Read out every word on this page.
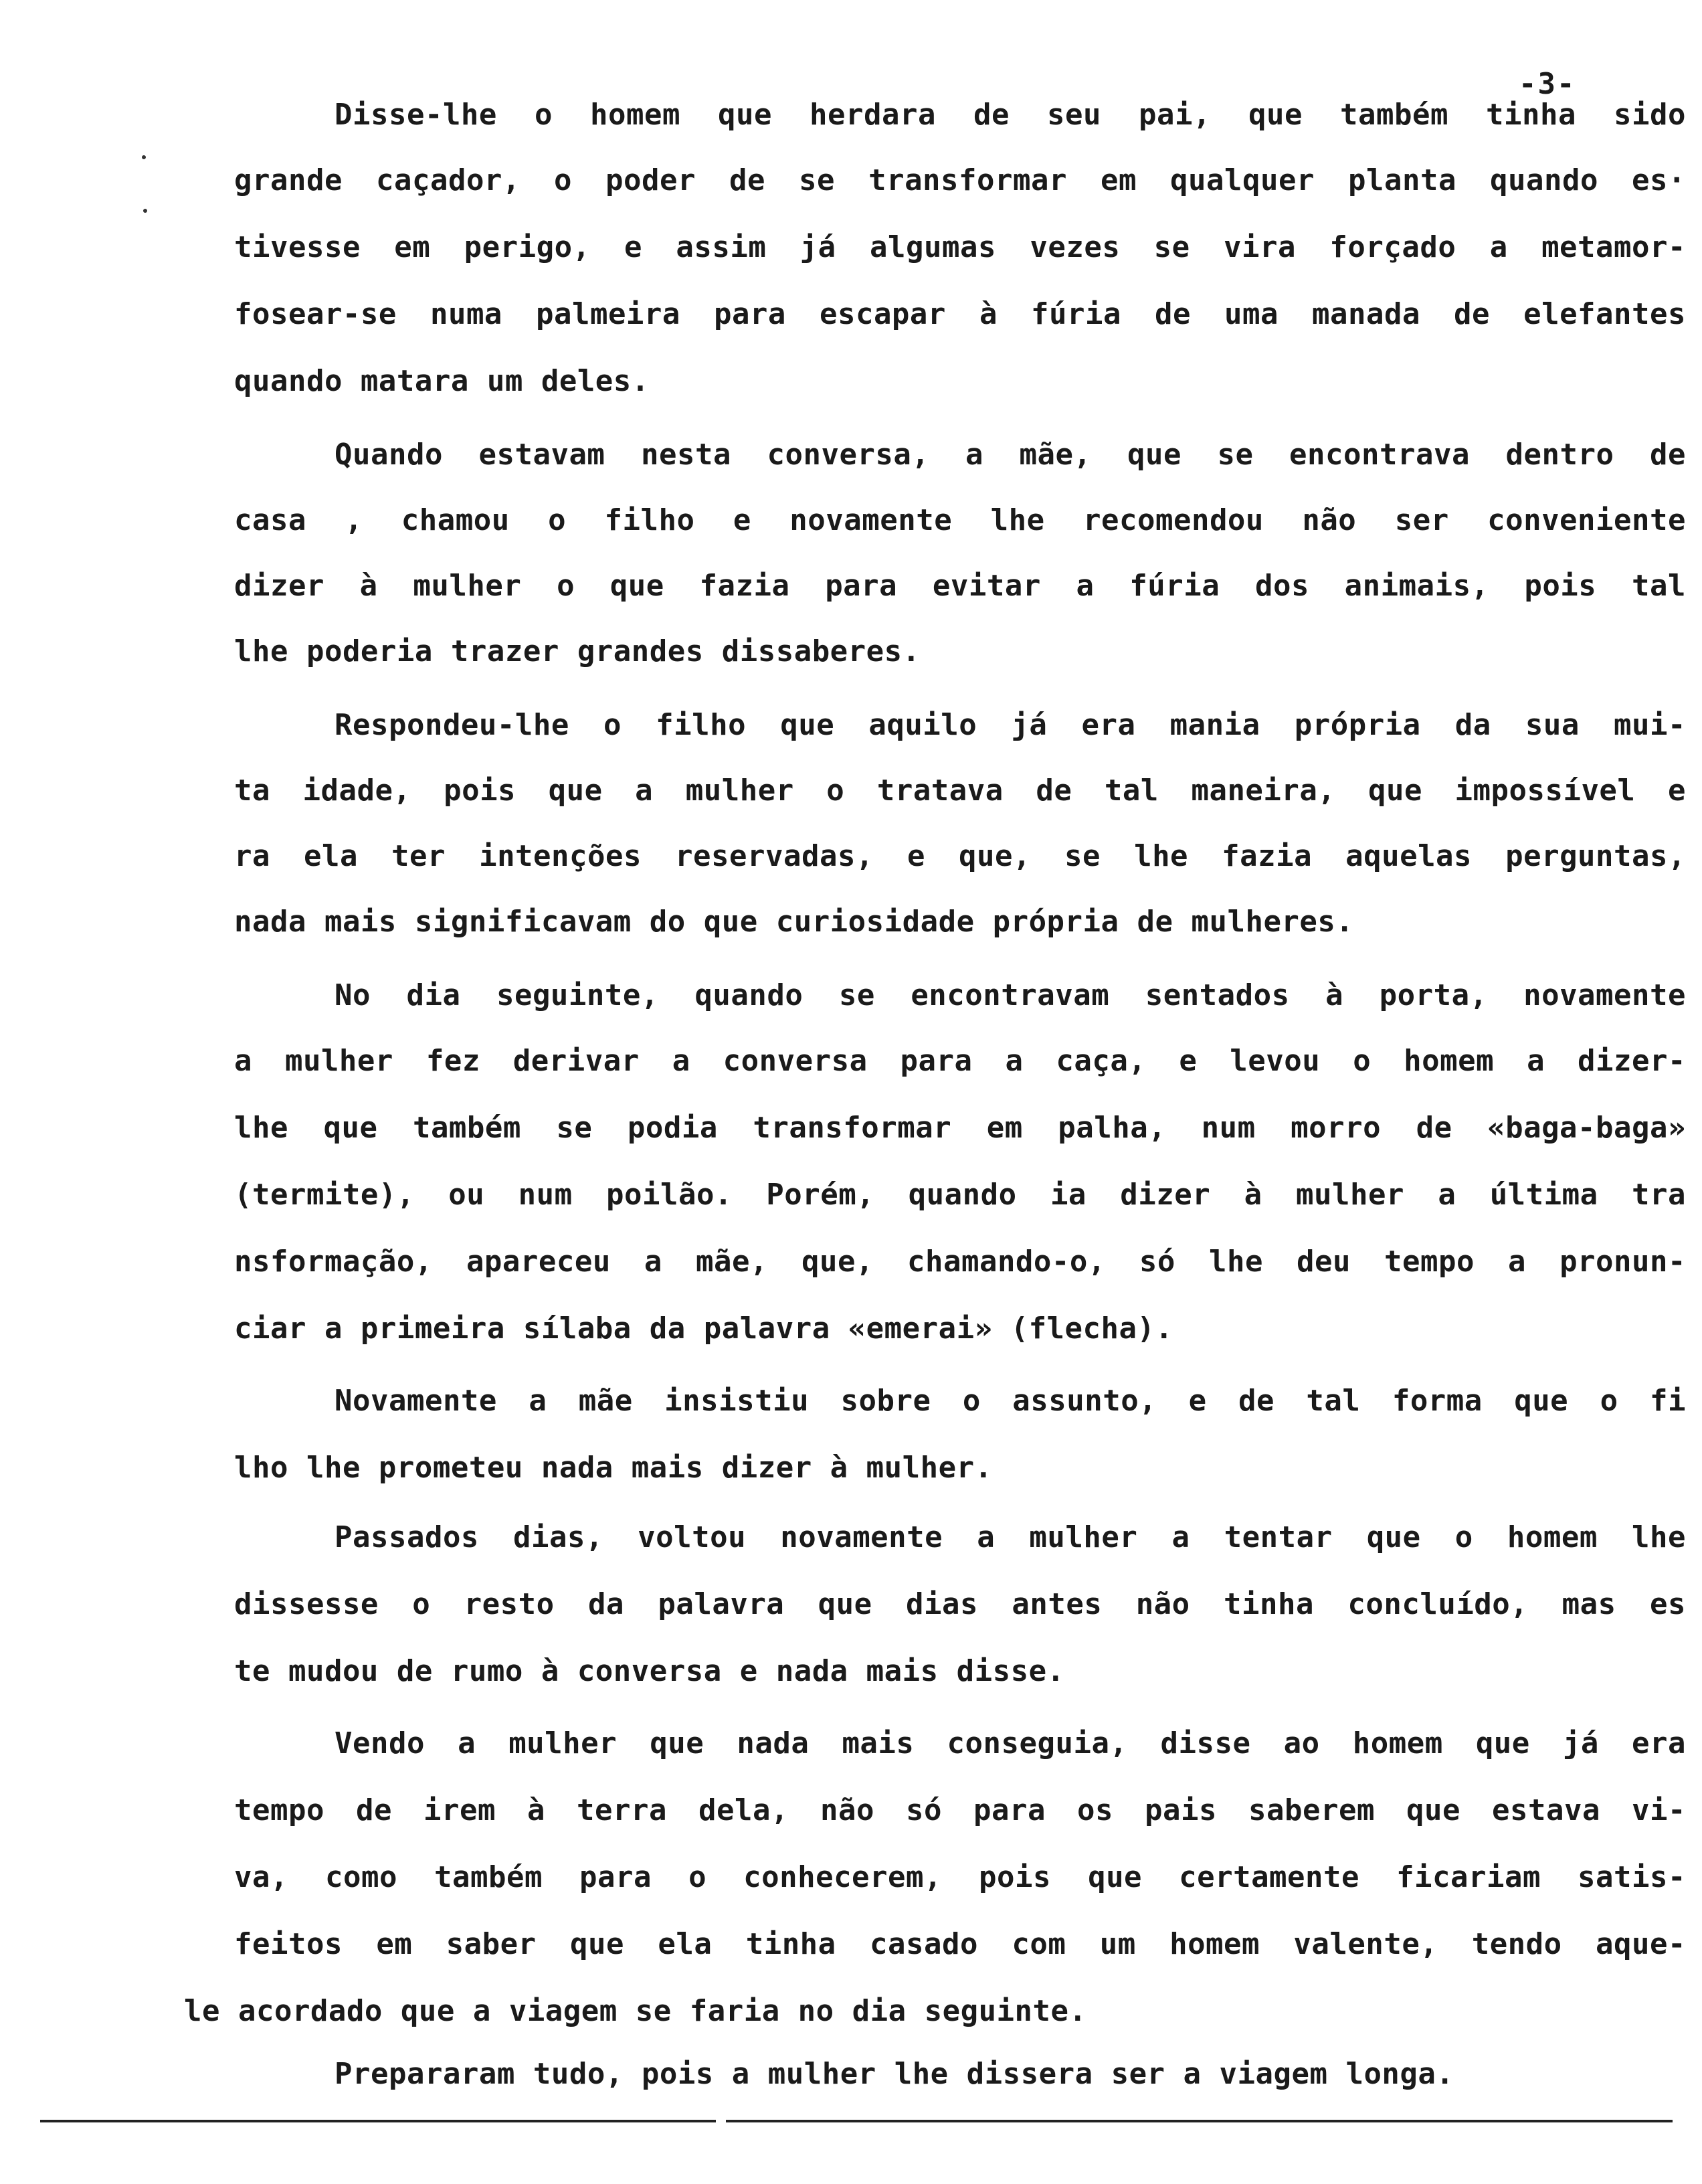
-3-
Disse-lhe o homem que herdara de seu pai, que também tinha sido
grande caçador, o poder de se transformar em qualquer planta quando es·
tivesse em perigo, e assim já algumas vezes se vira forçado a metamor-
fosear-se numa palmeira para escapar à fúria de uma manada de elefantes
quando matara um deles.
Quando estavam nesta conversa, a mãe, que se encontrava dentro de
casa , chamou o filho e novamente lhe recomendou não ser conveniente
dizer à mulher o que fazia para evitar a fúria dos animais, pois tal
lhe poderia trazer grandes dissaberes.
Respondeu-lhe o filho que aquilo já era mania própria da sua mui-
ta idade, pois que a mulher o tratava de tal maneira, que impossível e
ra ela ter intenções reservadas, e que, se lhe fazia aquelas perguntas,
nada mais significavam do que curiosidade própria de mulheres.
No dia seguinte, quando se encontravam sentados à porta, novamente
a mulher fez derivar a conversa para a caça, e levou o homem a dizer-
lhe que também se podia transformar em palha, num morro de «baga-baga»
(termite), ou num poilão. Porém, quando ia dizer à mulher a última tra
nsformação, apareceu a mãe, que, chamando-o, só lhe deu tempo a pronun-
ciar a primeira sílaba da palavra «emerai» (flecha).
Novamente a mãe insistiu sobre o assunto, e de tal forma que o fi
lho lhe prometeu nada mais dizer à mulher.
Passados dias, voltou novamente a mulher a tentar que o homem lhe
dissesse o resto da palavra que dias antes não tinha concluído, mas es
te mudou de rumo à conversa e nada mais disse.
Vendo a mulher que nada mais conseguia, disse ao homem que já era
tempo de irem à terra dela, não só para os pais saberem que estava vi-
va, como também para o conhecerem, pois que certamente ficariam satis-
feitos em saber que ela tinha casado com um homem valente, tendo aque-
le acordado que a viagem se faria no dia seguinte.
Prepararam tudo, pois a mulher lhe dissera ser a viagem longa.
